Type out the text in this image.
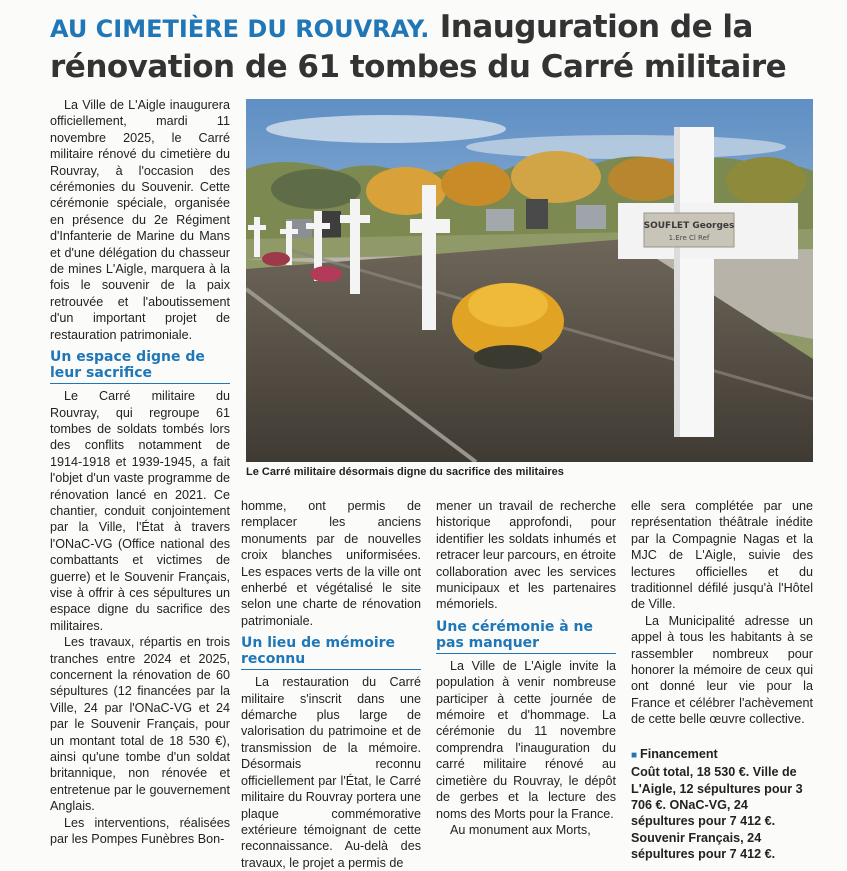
AU CIMETIÈRE DU ROUVRAY. Inauguration de la rénovation de 61 tombes du Carré militaire

La Ville de L'Aigle inaugurera officiellement, mardi 11 novembre 2025, le Carré militaire rénové du cimetière du Rouvray, à l'occasion des cérémonies du Souvenir. Cette cérémonie spéciale, organisée en présence du 2e Régiment d'Infanterie de Marine du Mans et d'une délégation du chasseur de mines L'Aigle, marquera à la fois le souvenir de la paix retrouvée et l'aboutissement d'un important projet de restauration patrimoniale.

Un espace digne de leur sacrifice

Le Carré militaire du Rouvray, qui regroupe 61 tombes de soldats tombés lors des conflits notamment de 1914-1918 et 1939-1945, a fait l'objet d'un vaste programme de rénovation lancé en 2021. Ce chantier, conduit conjointement par la Ville, l'État à travers l'ONaC-VG (Office national des combattants et victimes de guerre) et le Souvenir Français, vise à offrir à ces sépultures un espace digne du sacrifice des militaires.

Les travaux, répartis en trois tranches entre 2024 et 2025, concernent la rénovation de 60 sépultures (12 financées par la Ville, 24 par l'ONaC-VG et 24 par le Souvenir Français, pour un montant total de 18 530 €), ainsi qu'une tombe d'un soldat britannique, non rénovée et entretenue par le gouvernement Anglais.

Les interventions, réalisées par les Pompes Funèbres Bon-

SOUFLET Georges
1.Ere Cl Ref
Le Carré militaire désormais digne du sacrifice des militaires

homme, ont permis de remplacer les anciens monuments par de nouvelles croix blanches uniformisées. Les espaces verts de la ville ont enherbé et végétalisé le site selon une charte de rénovation patrimoniale.

Un lieu de mémoire reconnu

La restauration du Carré militaire s'inscrit dans une démarche plus large de valorisation du patrimoine et de transmission de la mémoire. Désormais reconnu officiellement par l'État, le Carré militaire du Rouvray portera une plaque commémorative extérieure témoignant de cette reconnaissance. Au-delà des travaux, le projet a permis de

mener un travail de recherche historique approfondi, pour identifier les soldats inhumés et retracer leur parcours, en étroite collaboration avec les services municipaux et les partenaires mémoriels.

Une cérémonie à ne pas manquer

La Ville de L'Aigle invite la population à venir nombreuse participer à cette journée de mémoire et d'hommage. La cérémonie du 11 novembre comprendra l'inauguration du carré militaire rénové au cimetière du Rouvray, le dépôt de gerbes et la lecture des noms des Morts pour la France.

Au monument aux Morts,

elle sera complétée par une représentation théâtrale inédite par la Compagnie Nagas et la MJC de L'Aigle, suivie des lectures officielles et du traditionnel défilé jusqu'à l'Hôtel de Ville.

La Municipalité adresse un appel à tous les habitants à se rassembler nombreux pour honorer la mémoire de ceux qui ont donné leur vie pour la France et célébrer l'achèvement de cette belle œuvre collective.

■ Financement

Coût total, 18 530 €. Ville de L'Aigle, 12 sépultures pour 3 706 €. ONaC-VG, 24 sépultures pour 7 412 €. Souvenir Français, 24 sépultures pour 7 412 €.
